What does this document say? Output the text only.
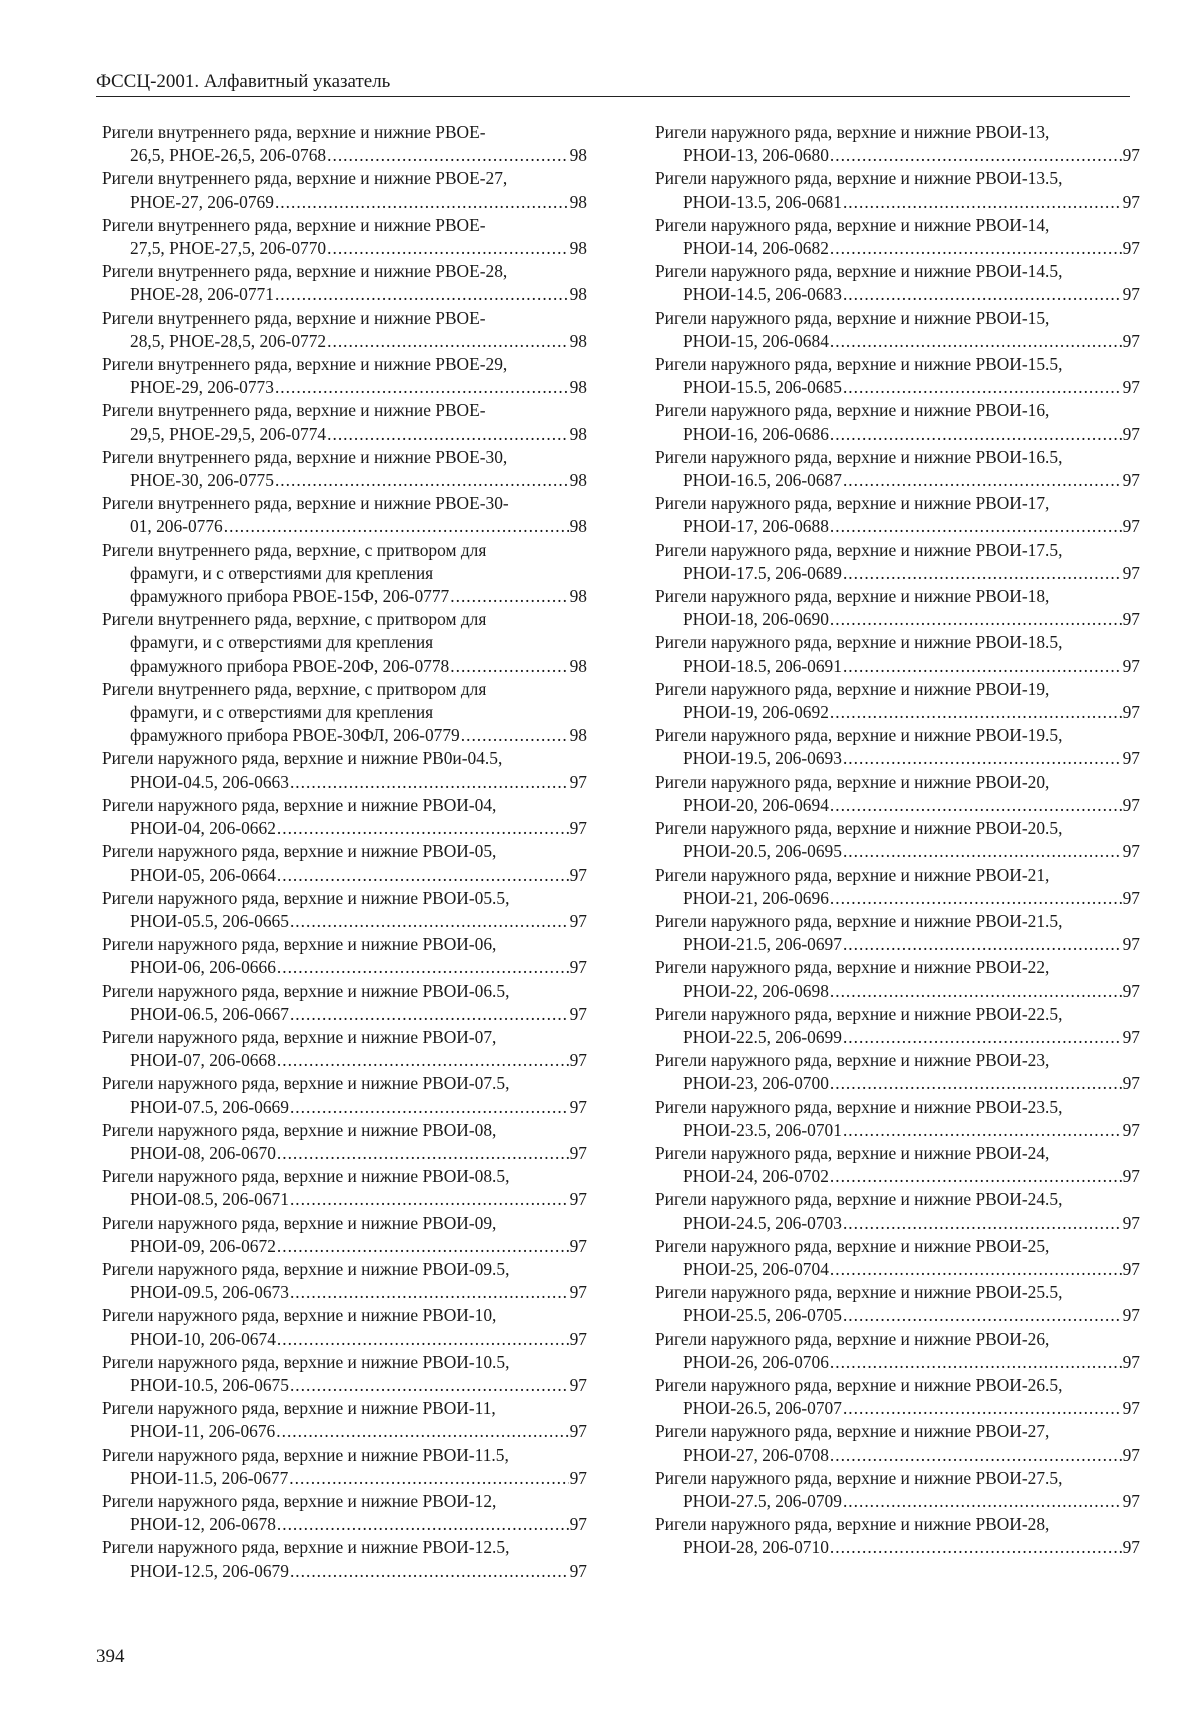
ФССЦ-2001. Алфавитный указатель
Ригели внутреннего ряда, верхние и нижние РВОЕ-
26,5, РНОЕ-26,5, 206-0768 .....	98
Ригели внутреннего ряда, верхние и нижние РВОЕ-27,
РНОЕ-27, 206-0769 .....	98
Ригели внутреннего ряда, верхние и нижние РВОЕ-
27,5, РНОЕ-27,5, 206-0770 .....	98
Ригели внутреннего ряда, верхние и нижние РВОЕ-28,
РНОЕ-28, 206-0771 .....	98
Ригели внутреннего ряда, верхние и нижние РВОЕ-
28,5, РНОЕ-28,5, 206-0772 .....	98
Ригели внутреннего ряда, верхние и нижние РВОЕ-29,
РНОЕ-29, 206-0773 .....	98
Ригели внутреннего ряда, верхние и нижние РВОЕ-
29,5, РНОЕ-29,5, 206-0774 .....	98
Ригели внутреннего ряда, верхние и нижние РВОЕ-30,
РНОЕ-30, 206-0775 .....	98
Ригели внутреннего ряда, верхние и нижние РВОЕ-30-
01, 206-0776 .....	98
Ригели внутреннего ряда, верхние, с притвором для
фрамуги, и с отверстиями для крепления
фрамужного прибора РВОЕ-15Ф, 206-0777 .....	98
Ригели внутреннего ряда, верхние, с притвором для
фрамуги, и с отверстиями для крепления
фрамужного прибора РВОЕ-20Ф, 206-0778 .....	98
Ригели внутреннего ряда, верхние, с притвором для
фрамуги, и с отверстиями для крепления
фрамужного прибора РВОЕ-30ФЛ, 206-0779 .....	98
Ригели наружного ряда, верхние и нижние РВ0и-04.5,
РНОИ-04.5, 206-0663 .....	97
Ригели наружного ряда, верхние и нижние РВОИ-04,
РНОИ-04, 206-0662 .....	97
Ригели наружного ряда, верхние и нижние РВОИ-05,
РНОИ-05, 206-0664 .....	97
Ригели наружного ряда, верхние и нижние РВОИ-05.5,
РНОИ-05.5, 206-0665 .....	97
Ригели наружного ряда, верхние и нижние РВОИ-06,
РНОИ-06, 206-0666 .....	97
Ригели наружного ряда, верхние и нижние РВОИ-06.5,
РНОИ-06.5, 206-0667 .....	97
Ригели наружного ряда, верхние и нижние РВОИ-07,
РНОИ-07, 206-0668 .....	97
Ригели наружного ряда, верхние и нижние РВОИ-07.5,
РНОИ-07.5, 206-0669 .....	97
Ригели наружного ряда, верхние и нижние РВОИ-08,
РНОИ-08, 206-0670 .....	97
Ригели наружного ряда, верхние и нижние РВОИ-08.5,
РНОИ-08.5, 206-0671 .....	97
Ригели наружного ряда, верхние и нижние РВОИ-09,
РНОИ-09, 206-0672 .....	97
Ригели наружного ряда, верхние и нижние РВОИ-09.5,
РНОИ-09.5, 206-0673 .....	97
Ригели наружного ряда, верхние и нижние РВОИ-10,
РНОИ-10, 206-0674 .....	97
Ригели наружного ряда, верхние и нижние РВОИ-10.5,
РНОИ-10.5, 206-0675 .....	97
Ригели наружного ряда, верхние и нижние РВОИ-11,
РНОИ-11, 206-0676 .....	97
Ригели наружного ряда, верхние и нижние РВОИ-11.5,
РНОИ-11.5, 206-0677 .....	97
Ригели наружного ряда, верхние и нижние РВОИ-12,
РНОИ-12, 206-0678 .....	97
Ригели наружного ряда, верхние и нижние РВОИ-12.5,
РНОИ-12.5, 206-0679 .....	97
Ригели наружного ряда, верхние и нижние РВОИ-13,
РНОИ-13, 206-0680 .....	97
Ригели наружного ряда, верхние и нижние РВОИ-13.5,
РНОИ-13.5, 206-0681 .....	97
Ригели наружного ряда, верхние и нижние РВОИ-14,
РНОИ-14, 206-0682 .....	97
Ригели наружного ряда, верхние и нижние РВОИ-14.5,
РНОИ-14.5, 206-0683 .....	97
Ригели наружного ряда, верхние и нижние РВОИ-15,
РНОИ-15, 206-0684 .....	97
Ригели наружного ряда, верхние и нижние РВОИ-15.5,
РНОИ-15.5, 206-0685 .....	97
Ригели наружного ряда, верхние и нижние РВОИ-16,
РНОИ-16, 206-0686 .....	97
Ригели наружного ряда, верхние и нижние РВОИ-16.5,
РНОИ-16.5, 206-0687 .....	97
Ригели наружного ряда, верхние и нижние РВОИ-17,
РНОИ-17, 206-0688 .....	97
Ригели наружного ряда, верхние и нижние РВОИ-17.5,
РНОИ-17.5, 206-0689 .....	97
Ригели наружного ряда, верхние и нижние РВОИ-18,
РНОИ-18, 206-0690 .....	97
Ригели наружного ряда, верхние и нижние РВОИ-18.5,
РНОИ-18.5, 206-0691 .....	97
Ригели наружного ряда, верхние и нижние РВОИ-19,
РНОИ-19, 206-0692 .....	97
Ригели наружного ряда, верхние и нижние РВОИ-19.5,
РНОИ-19.5, 206-0693 .....	97
Ригели наружного ряда, верхние и нижние РВОИ-20,
РНОИ-20, 206-0694 .....	97
Ригели наружного ряда, верхние и нижние РВОИ-20.5,
РНОИ-20.5, 206-0695 .....	97
Ригели наружного ряда, верхние и нижние РВОИ-21,
РНОИ-21, 206-0696 .....	97
Ригели наружного ряда, верхние и нижние РВОИ-21.5,
РНОИ-21.5, 206-0697 .....	97
Ригели наружного ряда, верхние и нижние РВОИ-22,
РНОИ-22, 206-0698 .....	97
Ригели наружного ряда, верхние и нижние РВОИ-22.5,
РНОИ-22.5, 206-0699 .....	97
Ригели наружного ряда, верхние и нижние РВОИ-23,
РНОИ-23, 206-0700 .....	97
Ригели наружного ряда, верхние и нижние РВОИ-23.5,
РНОИ-23.5, 206-0701 .....	97
Ригели наружного ряда, верхние и нижние РВОИ-24,
РНОИ-24, 206-0702 .....	97
Ригели наружного ряда, верхние и нижние РВОИ-24.5,
РНОИ-24.5, 206-0703 .....	97
Ригели наружного ряда, верхние и нижние РВОИ-25,
РНОИ-25, 206-0704 .....	97
Ригели наружного ряда, верхние и нижние РВОИ-25.5,
РНОИ-25.5, 206-0705 .....	97
Ригели наружного ряда, верхние и нижние РВОИ-26,
РНОИ-26, 206-0706 .....	97
Ригели наружного ряда, верхние и нижние РВОИ-26.5,
РНОИ-26.5, 206-0707 .....	97
Ригели наружного ряда, верхние и нижние РВОИ-27,
РНОИ-27, 206-0708 .....	97
Ригели наружного ряда, верхние и нижние РВОИ-27.5,
РНОИ-27.5, 206-0709 .....	97
Ригели наружного ряда, верхние и нижние РВОИ-28,
РНОИ-28, 206-0710 .....	97
394
